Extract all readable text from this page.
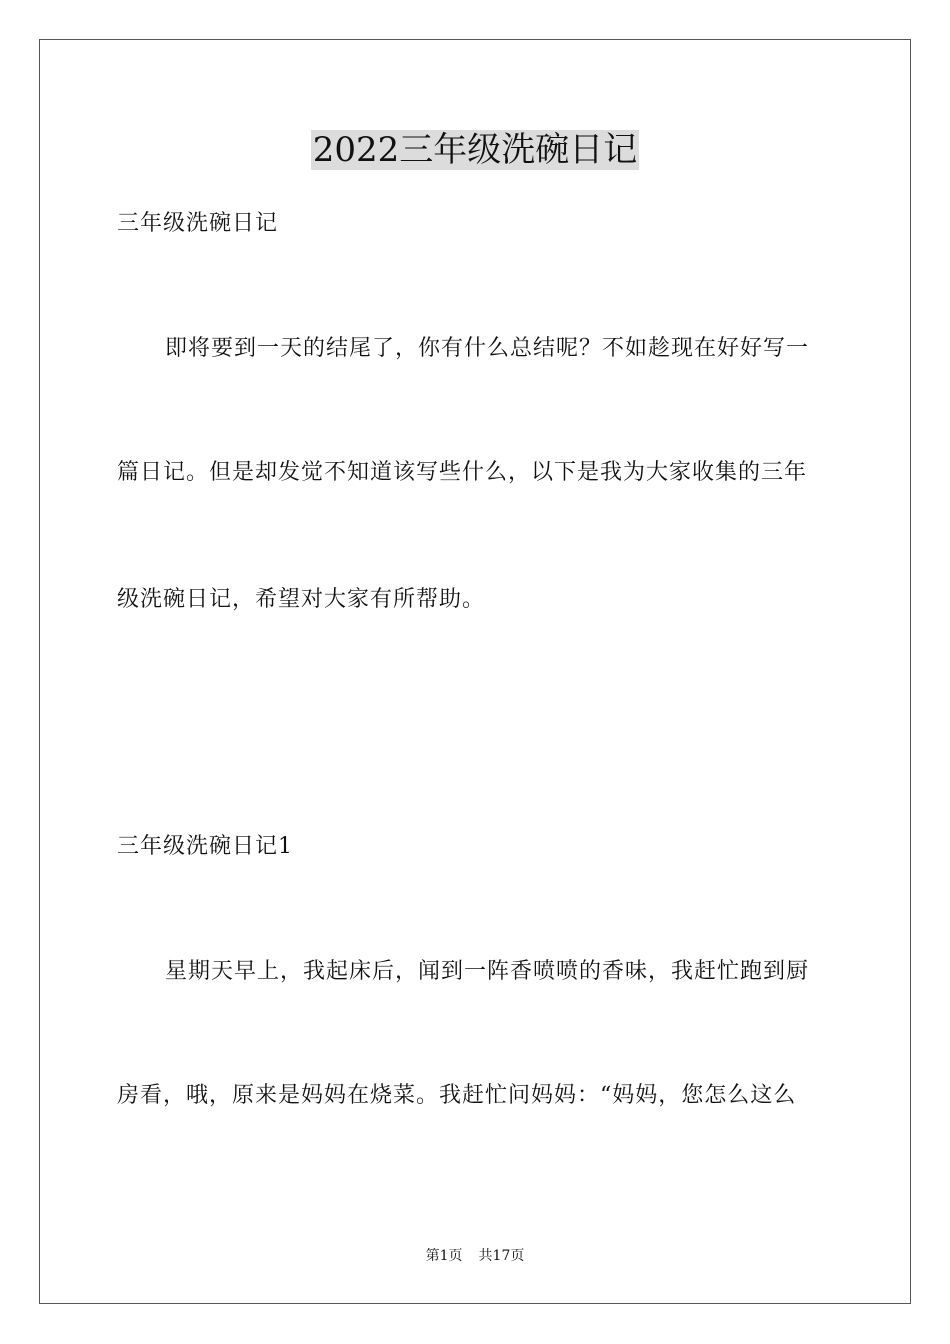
2022三年级洗碗日记

三年级洗碗日记

即将要到一天的结尾了，你有什么总结呢？不如趁现在好好写一

篇日记。但是却发觉不知道该写些什么，以下是我为大家收集的三年

级洗碗日记，希望对大家有所帮助。

三年级洗碗日记1

星期天早上，我起床后，闻到一阵香喷喷的香味，我赶忙跑到厨

房看，哦，原来是妈妈在烧菜。我赶忙问妈妈：“妈妈，您怎么这么

第1页 共17页
